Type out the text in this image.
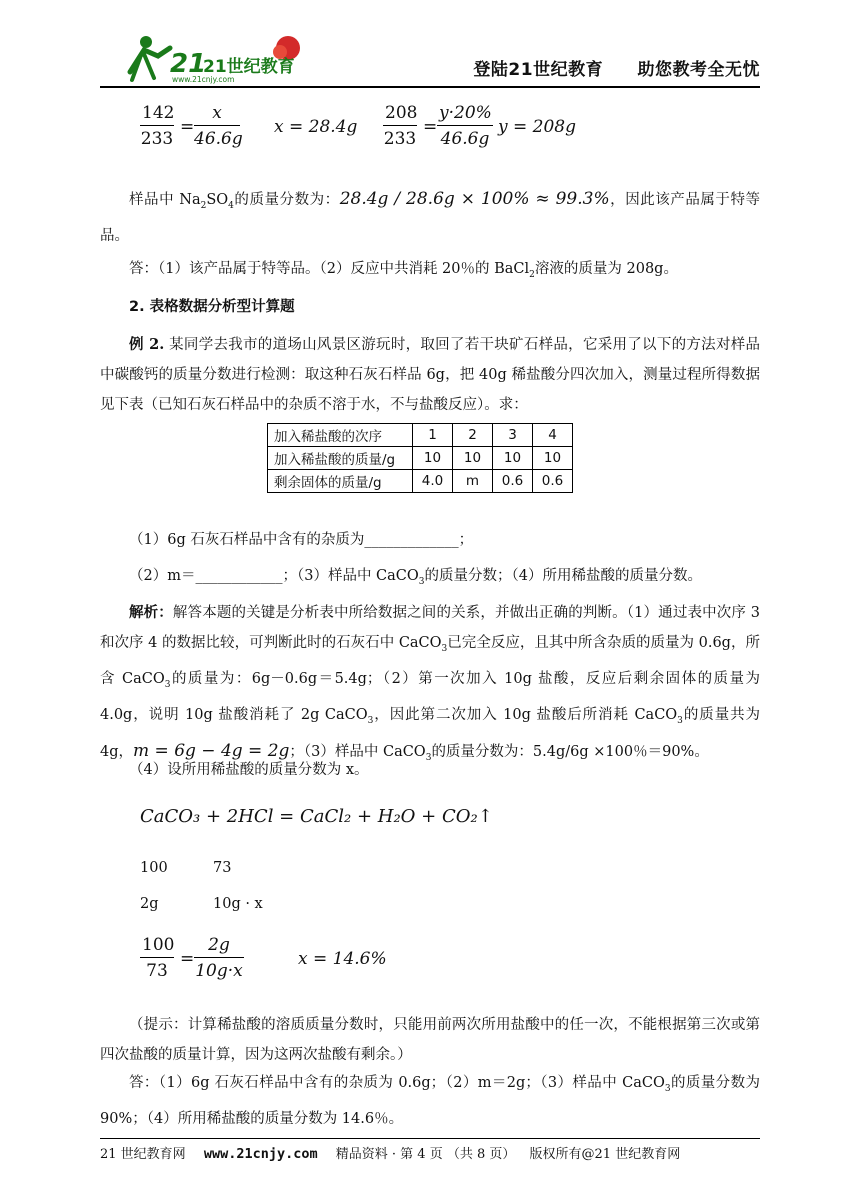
21
21世纪教育
www.21cnjy.com	登陆21世纪教育 助您教考全无忧
$\frac{142}{233} = \frac{x}{46.6g}$ $x = 28.4g \frac{208}{233} = \frac{y\cdot 20\%}{46.6g}$ y = 208g
样品中 $Na_2SO_4$的质量分数为：28.4g / 28.6g × 100% ≈ 99.3%，因此该产品属于特等品。
答：（1）该产品属于特等品。（2）反应中共消耗 20％的 BaCl$_2$溶液的质量为 208g。
2. 表格数据分析型计算题
例 2. 某同学去我市的道场山风景区游玩时，取回了若干块矿石样品，它采用了以下的方法对样品中碳酸钙的质量分数进行检测：取这种石灰石样品 6g，把 40g 稀盐酸分四次加入，测量过程所得数据见下表（已知石灰石样品中的杂质不溶于水，不与盐酸反应）。求：
加入稀盐酸的次序	1	2	3	4
加入稀盐酸的质量/g	10	10	10	10
剩余固体的质量/g	4.0	m	0.6	0.6
（1）6g 石灰石样品中含有的杂质为_____________；
（2）m＝____________；（3）样品中 CaCO$_3$的质量分数；（4）所用稀盐酸的质量分数。
解析：解答本题的关键是分析表中所给数据之间的关系，并做出正确的判断。（1）通过表中次序 3 和次序 4 的数据比较，可判断此时的石灰石中 CaCO$_3$已完全反应，且其中所含杂质的质量为 0.6g，所含 CaCO$_3$的质量为：6g－0.6g＝5.4g；（2）第一次加入 10g 盐酸，反应后剩余固体的质量为 4.0g，说明 10g 盐酸消耗了 2g CaCO$_3$，因此第二次加入 10g 盐酸后所消耗 CaCO$_3$的质量共为 4g，m = 6g − 4g = 2g；（3）样品中 CaCO$_3$的质量分数为：5.4g/6g ×100％＝90%。
（4）设所用稀盐酸的质量分数为 x。
CaCO₃ + 2HCl = CaCl₂ + H₂O + CO₂↑
100	73
2g	10g · x
$\frac{100}{73} = \frac{2g}{10g\cdot x}$	x = 14.6%
（提示：计算稀盐酸的溶质质量分数时，只能用前两次所用盐酸中的任一次，不能根据第三次或第四次盐酸的质量计算，因为这两次盐酸有剩余。）
答：（1）6g 石灰石样品中含有的杂质为 0.6g；（2）m＝2g；（3）样品中 CaCO$_3$的质量分数为 90%；（4）所用稀盐酸的质量分数为 14.6％。
21 世纪教育网 www.21cnjy.com 精品资料 · 第 4 页 （共 8 页） 版权所有@21 世纪教育网
